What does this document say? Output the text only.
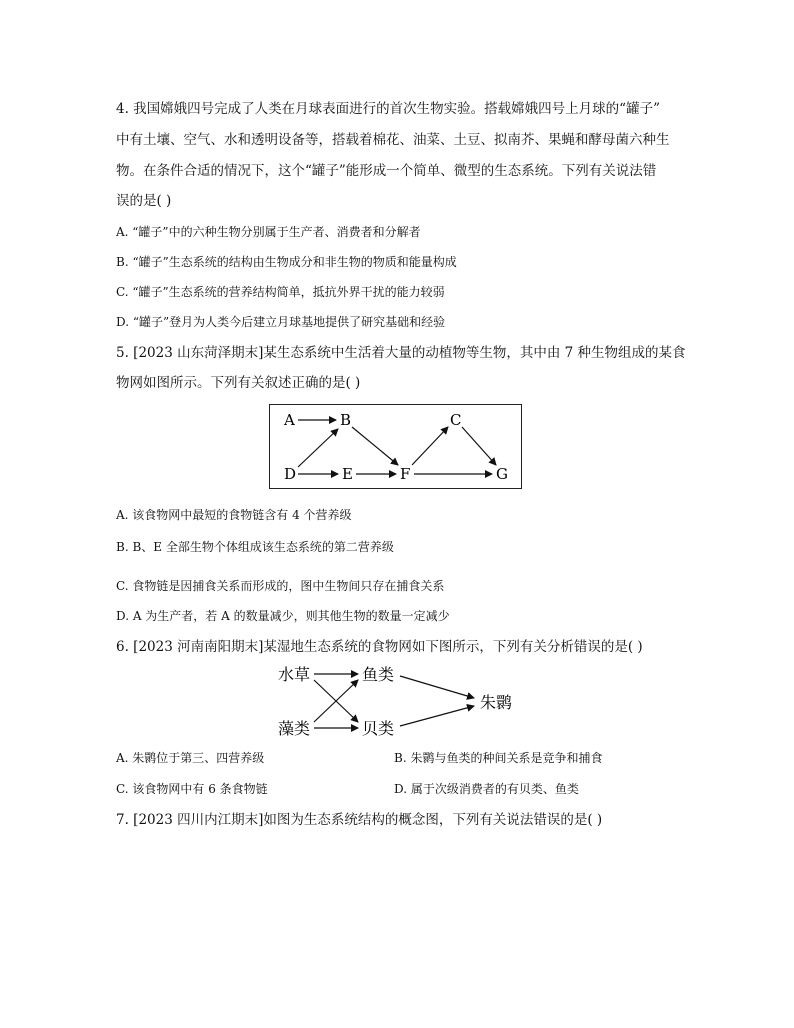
4. 我国嫦娥四号完成了人类在月球表面进行的首次生物实验。搭载嫦娥四号上月球的“罐子”
中有土壤、空气、水和透明设备等，搭载着棉花、油菜、土豆、拟南芥、果蝇和酵母菌六种生
物。在条件合适的情况下，这个“罐子”能形成一个简单、微型的生态系统。下列有关说法错
误的是( )
A. “罐子”中的六种生物分别属于生产者、消费者和分解者
B. “罐子”生态系统的结构由生物成分和非生物的物质和能量构成
C. “罐子”生态系统的营养结构简单，抵抗外界干扰的能力较弱
D. “罐子”登月为人类今后建立月球基地提供了研究基础和经验
5. [2023 山东菏泽期末]某生态系统中生活着大量的动植物等生物，其中由 7 种生物组成的某食
物网如图所示。下列有关叙述正确的是( )
A	B	C
D	E	F	G
A. 该食物网中最短的食物链含有 4 个营养级
B. B、E 全部生物个体组成该生态系统的第二营养级
C. 食物链是因捕食关系而形成的，图中生物间只存在捕食关系
D. A 为生产者，若 A 的数量减少，则其他生物的数量一定减少
6. [2023 河南南阳期末]某湿地生态系统的食物网如下图所示，下列有关分析错误的是( )
水草	鱼类
朱鹮
藻类	贝类
A. 朱鹮位于第三、四营养级	B. 朱鹮与鱼类的种间关系是竞争和捕食
C. 该食物网中有 6 条食物链	D. 属于次级消费者的有贝类、鱼类
7. [2023 四川内江期末]如图为生态系统结构的概念图，下列有关说法错误的是( )
